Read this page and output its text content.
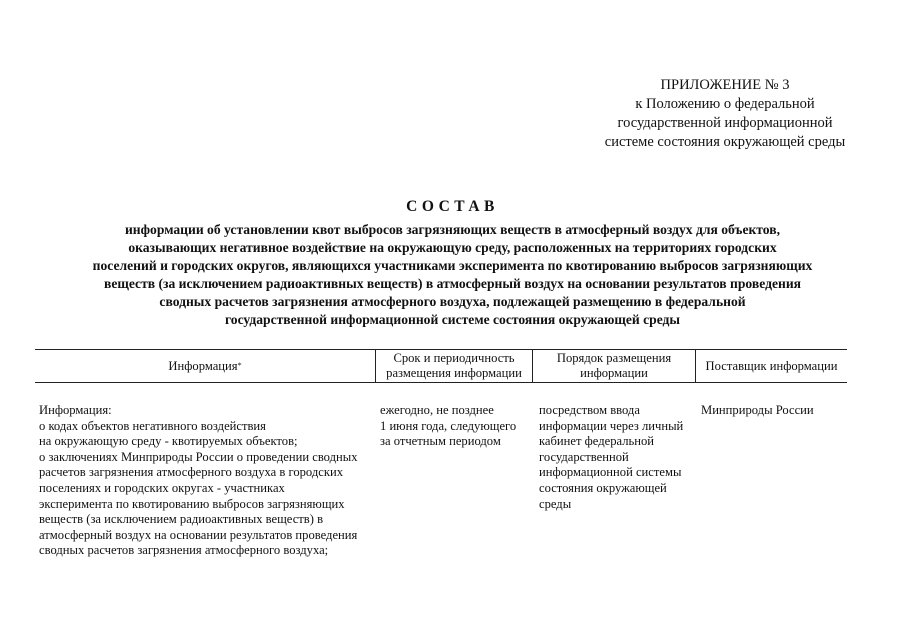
ПРИЛОЖЕНИЕ № 3
к Положению о федеральной
государственной информационной
системе состояния окружающей среды
СОСТАВ
информации об установлении квот выбросов загрязняющих веществ в атмосферный воздух для объектов,
оказывающих негативное воздействие на окружающую среду, расположенных на территориях городских
поселений и городских округов, являющихся участниками эксперимента по квотированию выбросов загрязняющих
веществ (за исключением радиоактивных веществ) в атмосферный воздух на основании результатов проведения
сводных расчетов загрязнения атмосферного воздуха, подлежащей размещению в федеральной
государственной информационной системе состояния окружающей среды
Информация *
Срок и периодичность
размещения информации
Порядок размещения
информации
Поставщик информации
Информация:
о кодах объектов негативного воздействия
на окружающую среду - квотируемых объектов;
о заключениях Минприроды России о проведении сводных
расчетов загрязнения атмосферного воздуха в городских
поселениях и городских округах - участниках
эксперимента по квотированию выбросов загрязняющих
веществ (за исключением радиоактивных веществ) в
атмосферный воздух на основании результатов проведения
сводных расчетов загрязнения атмосферного воздуха;
ежегодно, не позднее
1 июня года, следующего
за отчетным периодом
посредством ввода
информации через личный
кабинет федеральной
государственной
информационной системы
состояния окружающей
среды
Минприроды России
